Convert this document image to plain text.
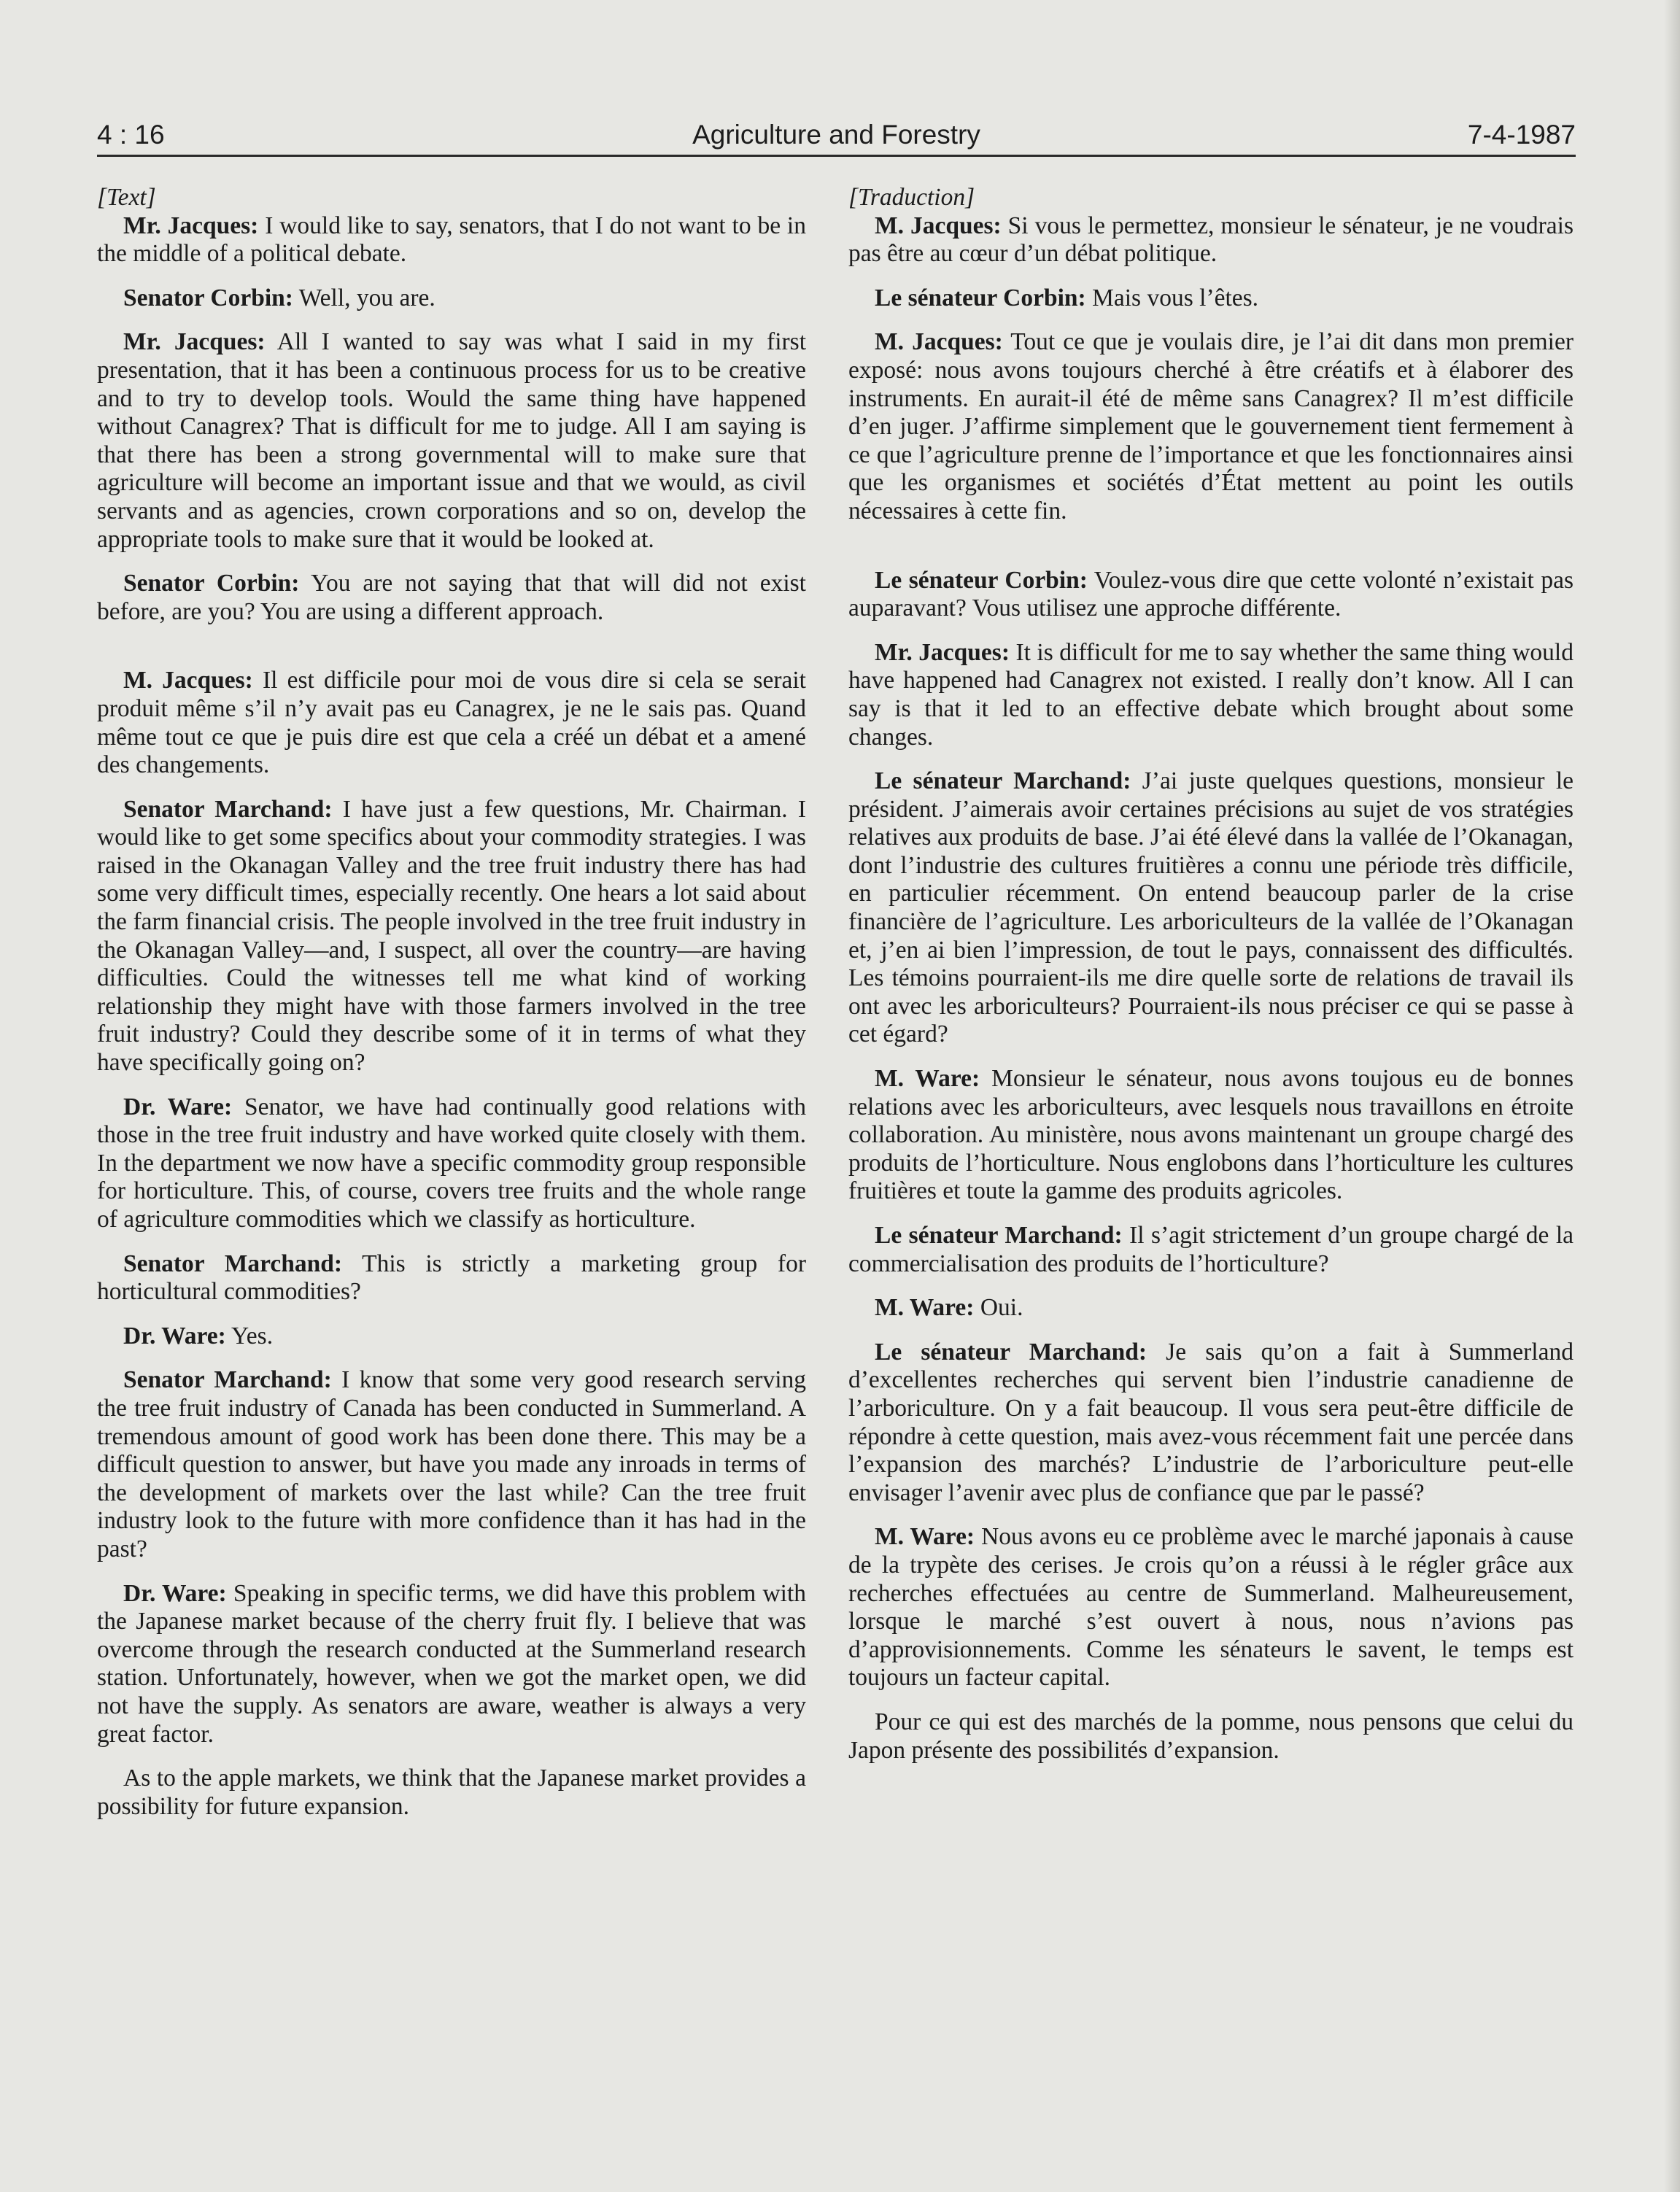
4 : 16	Agriculture and Forestry	7-4-1987

[Text]

Mr. Jacques: I would like to say, senators, that I do not want to be in the middle of a political debate.

Senator Corbin: Well, you are.

Mr. Jacques: All I wanted to say was what I said in my first presentation, that it has been a continuous process for us to be creative and to try to develop tools. Would the same thing have happened without Canagrex? That is difficult for me to judge. All I am saying is that there has been a strong governmental will to make sure that agriculture will become an important issue and that we would, as civil servants and as agencies, crown corporations and so on, develop the appropriate tools to make sure that it would be looked at.

Senator Corbin: You are not saying that that will did not exist before, are you? You are using a different approach.

M. Jacques: Il est difficile pour moi de vous dire si cela se serait produit même s’il n’y avait pas eu Canagrex, je ne le sais pas. Quand même tout ce que je puis dire est que cela a créé un débat et a amené des changements.

Senator Marchand: I have just a few questions, Mr. Chairman. I would like to get some specifics about your commodity strategies. I was raised in the Okanagan Valley and the tree fruit industry there has had some very difficult times, especially recently. One hears a lot said about the farm financial crisis. The people involved in the tree fruit industry in the Okanagan Valley—and, I suspect, all over the country—are having difficulties. Could the witnesses tell me what kind of working relationship they might have with those farmers involved in the tree fruit industry? Could they describe some of it in terms of what they have specifically going on?

Dr. Ware: Senator, we have had continually good relations with those in the tree fruit industry and have worked quite closely with them. In the department we now have a specific commodity group responsible for horticulture. This, of course, covers tree fruits and the whole range of agriculture commodities which we classify as horticulture.

Senator Marchand: This is strictly a marketing group for horticultural commodities?

Dr. Ware: Yes.

Senator Marchand: I know that some very good research serving the tree fruit industry of Canada has been conducted in Summerland. A tremendous amount of good work has been done there. This may be a difficult question to answer, but have you made any inroads in terms of the development of markets over the last while? Can the tree fruit industry look to the future with more confidence than it has had in the past?

Dr. Ware: Speaking in specific terms, we did have this problem with the Japanese market because of the cherry fruit fly. I believe that was overcome through the research conducted at the Summerland research station. Unfortunately, however, when we got the market open, we did not have the supply. As senators are aware, weather is always a very great factor.

As to the apple markets, we think that the Japanese market provides a possibility for future expansion.

[Traduction]

M. Jacques: Si vous le permettez, monsieur le sénateur, je ne voudrais pas être au cœur d’un débat politique.

Le sénateur Corbin: Mais vous l’êtes.

M. Jacques: Tout ce que je voulais dire, je l’ai dit dans mon premier exposé: nous avons toujours cherché à être créatifs et à élaborer des instruments. En aurait-il été de même sans Canagrex? Il m’est difficile d’en juger. J’affirme simplement que le gouvernement tient fermement à ce que l’agriculture prenne de l’importance et que les fonctionnaires ainsi que les organismes et sociétés d’État mettent au point les outils nécessaires à cette fin.

Le sénateur Corbin: Voulez-vous dire que cette volonté n’existait pas auparavant? Vous utilisez une approche différente.

Mr. Jacques: It is difficult for me to say whether the same thing would have happened had Canagrex not existed. I really don’t know. All I can say is that it led to an effective debate which brought about some changes.

Le sénateur Marchand: J’ai juste quelques questions, monsieur le président. J’aimerais avoir certaines précisions au sujet de vos stratégies relatives aux produits de base. J’ai été élevé dans la vallée de l’Okanagan, dont l’industrie des cultures fruitières a connu une période très difficile, en particulier récemment. On entend beaucoup parler de la crise financière de l’agriculture. Les arboriculteurs de la vallée de l’Okanagan et, j’en ai bien l’impression, de tout le pays, connaissent des difficultés. Les témoins pourraient-ils me dire quelle sorte de relations de travail ils ont avec les arboriculteurs? Pourraient-ils nous préciser ce qui se passe à cet égard?

M. Ware: Monsieur le sénateur, nous avons toujous eu de bonnes relations avec les arboriculteurs, avec lesquels nous travaillons en étroite collaboration. Au ministère, nous avons maintenant un groupe chargé des produits de l’horticulture. Nous englobons dans l’horticulture les cultures fruitières et toute la gamme des produits agricoles.

Le sénateur Marchand: Il s’agit strictement d’un groupe chargé de la commercialisation des produits de l’horticulture?

M. Ware: Oui.

Le sénateur Marchand: Je sais qu’on a fait à Summerland d’excellentes recherches qui servent bien l’industrie canadienne de l’arboriculture. On y a fait beaucoup. Il vous sera peut-être difficile de répondre à cette question, mais avez-vous récemment fait une percée dans l’expansion des marchés? L’industrie de l’arboriculture peut-elle envisager l’avenir avec plus de confiance que par le passé?

M. Ware: Nous avons eu ce problème avec le marché japonais à cause de la trypète des cerises. Je crois qu’on a réussi à le régler grâce aux recherches effectuées au centre de Summerland. Malheureusement, lorsque le marché s’est ouvert à nous, nous n’avions pas d’approvisionnements. Comme les sénateurs le savent, le temps est toujours un facteur capital.

Pour ce qui est des marchés de la pomme, nous pensons que celui du Japon présente des possibilités d’expansion.
